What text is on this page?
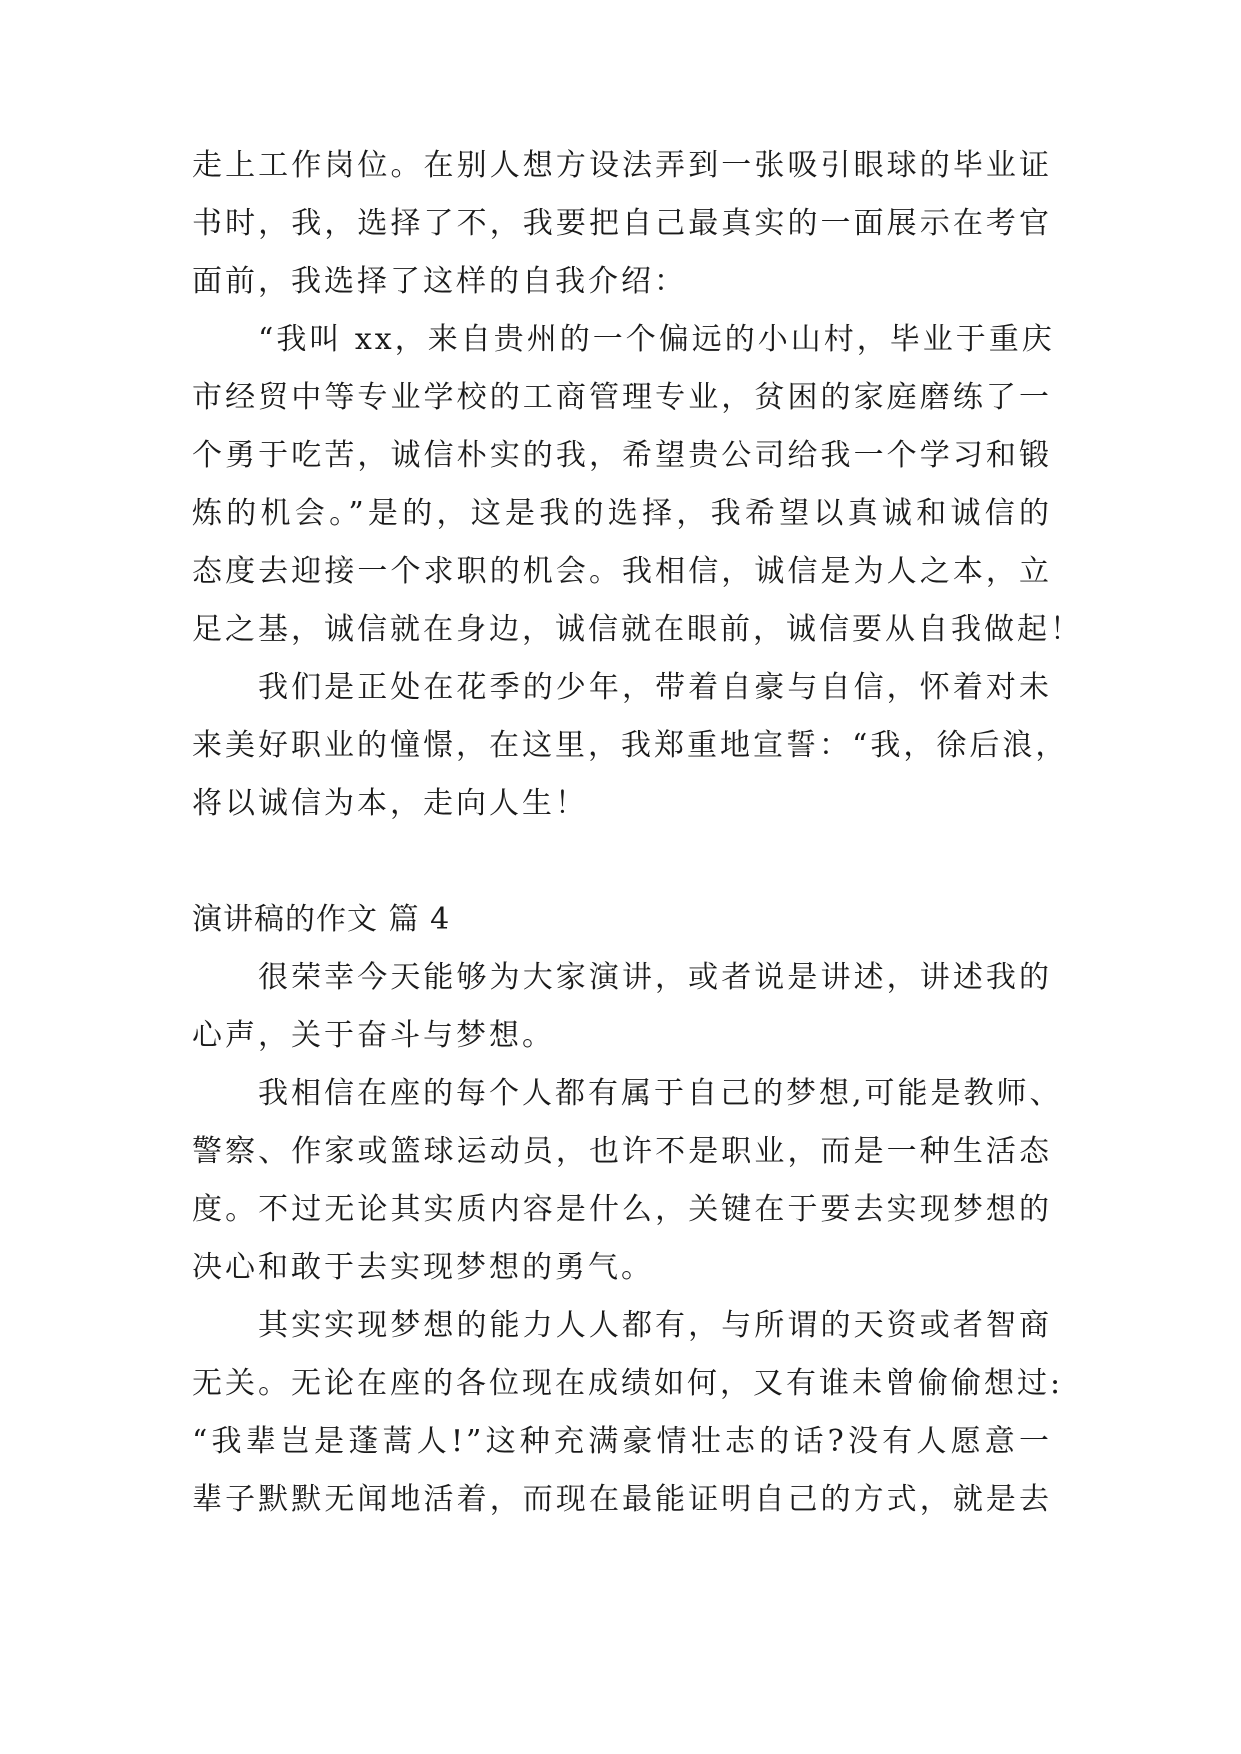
走上工作岗位。在别人想方设法弄到一张吸引眼球的毕业证
书时，我，选择了不，我要把自己最真实的一面展示在考官
面前，我选择了这样的自我介绍：
“我叫 xx，来自贵州的一个偏远的小山村，毕业于重庆
市经贸中等专业学校的工商管理专业，贫困的家庭磨练了一
个勇于吃苦，诚信朴实的我，希望贵公司给我一个学习和锻
炼的机会。”是的，这是我的选择，我希望以真诚和诚信的
态度去迎接一个求职的机会。我相信，诚信是为人之本，立
足之基，诚信就在身边，诚信就在眼前，诚信要从自我做起！
我们是正处在花季的少年，带着自豪与自信，怀着对未
来美好职业的憧憬，在这里，我郑重地宣誓：“我，徐后浪，
将以诚信为本，走向人生！
演讲稿的作文 篇 4
很荣幸今天能够为大家演讲，或者说是讲述，讲述我的
心声，关于奋斗与梦想。
我相信在座的每个人都有属于自己的梦想,可能是教师、
警察、作家或篮球运动员，也许不是职业，而是一种生活态
度。不过无论其实质内容是什么，关键在于要去实现梦想的
决心和敢于去实现梦想的勇气。
其实实现梦想的能力人人都有，与所谓的天资或者智商
无关。无论在座的各位现在成绩如何，又有谁未曾偷偷想过:
“我辈岂是蓬蒿人!”这种充满豪情壮志的话?没有人愿意一
辈子默默无闻地活着，而现在最能证明自己的方式，就是去
